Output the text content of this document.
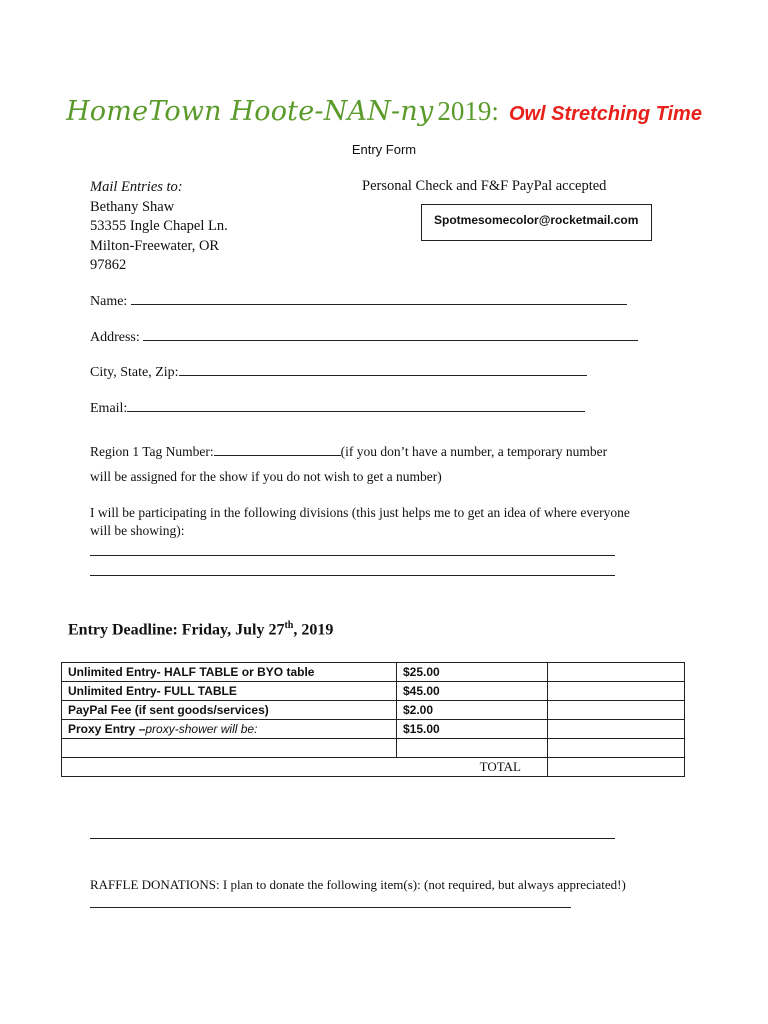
HomeTown Hoote-NAN-ny 2019: Owl Stretching Time
Entry Form
Mail Entries to:
Bethany Shaw
53355 Ingle Chapel Ln.
Milton-Freewater, OR
97862
Personal Check and F&F PayPal accepted
Spotmesomecolor@rocketmail.com
Name:
Address:
City, State, Zip:
Email:
Region 1 Tag Number:	(if you don’t have a number, a temporary number
will be assigned for the show if you do not wish to get a number)
I will be participating in the following divisions (this just helps me to get an idea of where everyone
will be showing):
Entry Deadline: Friday, July 27th, 2019
Unlimited Entry- HALF TABLE or BYO table	$25.00	
Unlimited Entry- FULL TABLE	$45.00	
PayPal Fee (if sent goods/services)	$2.00	
Proxy Entry –proxy-shower will be:	$15.00	

TOTAL		
RAFFLE DONATIONS: I plan to donate the following item(s): (not required, but always appreciated!)
